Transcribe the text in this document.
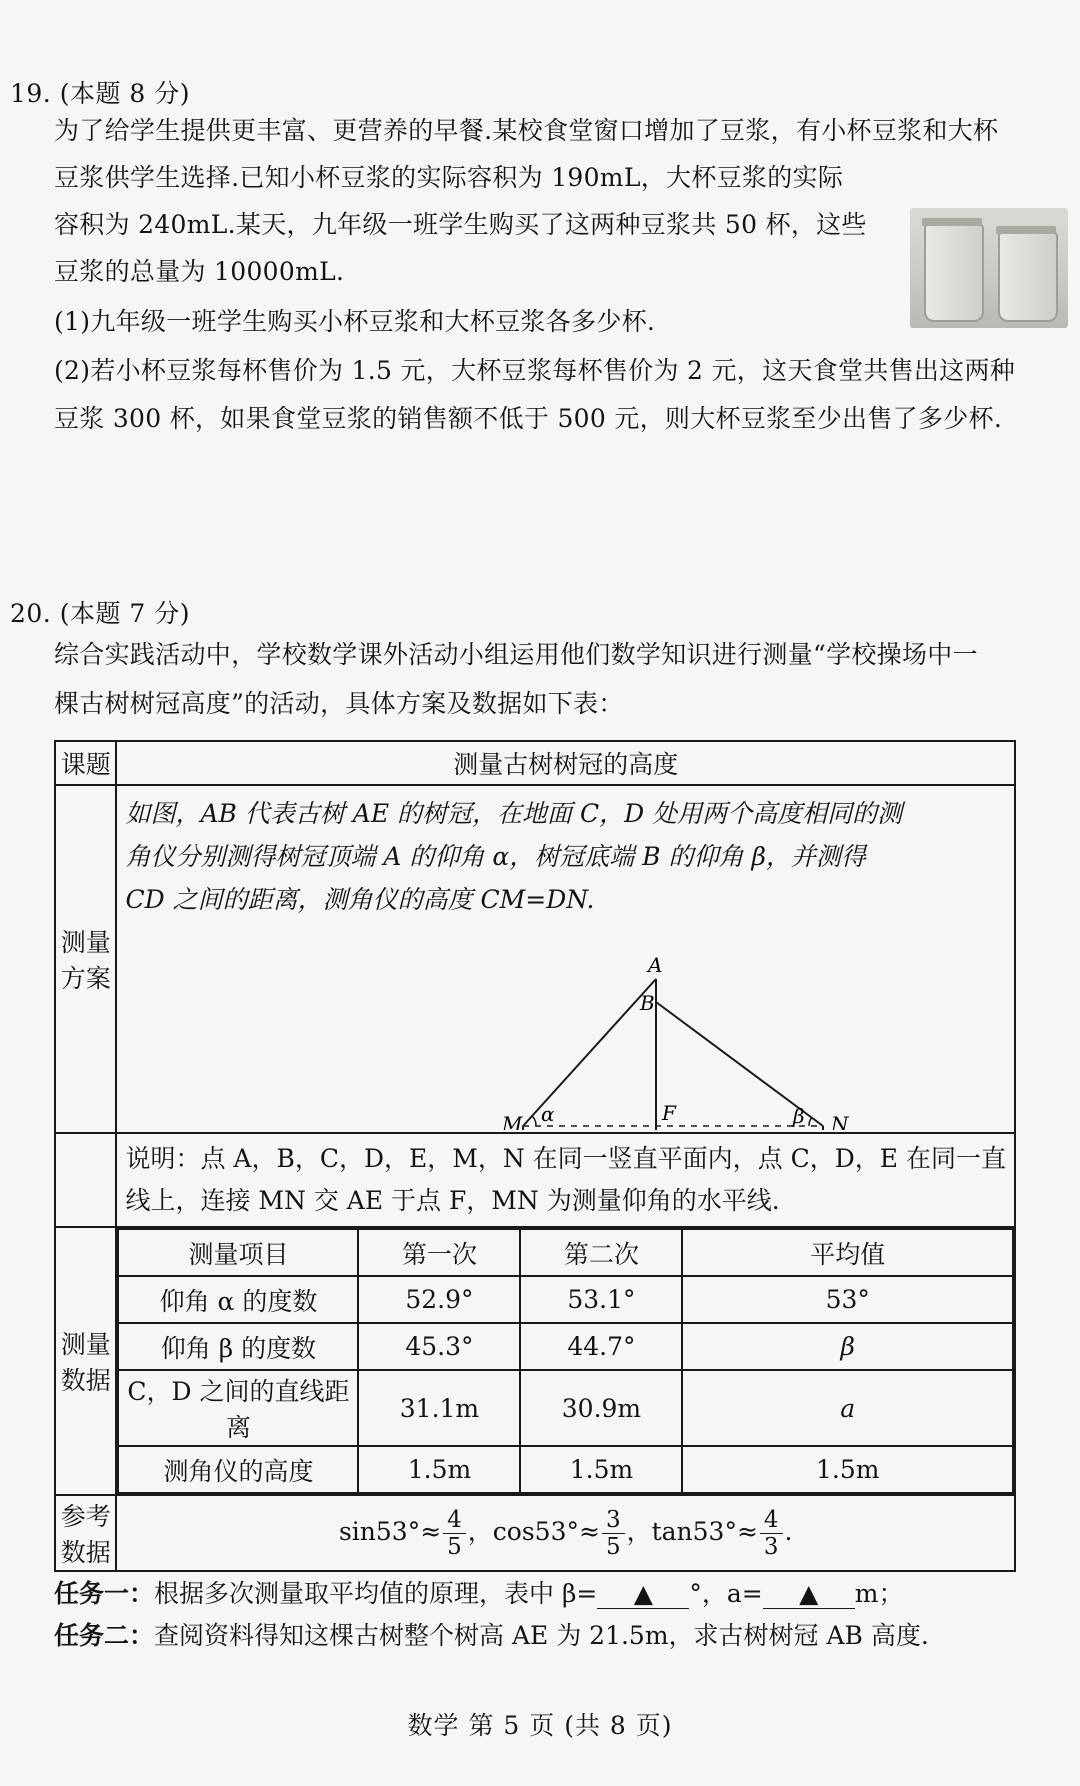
19. (本题 8 分)
为了给学生提供更丰富、更营养的早餐.某校食堂窗口增加了豆浆，有小杯豆浆和大杯
豆浆供学生选择.已知小杯豆浆的实际容积为 190mL，大杯豆浆的实际
容积为 240mL.某天，九年级一班学生购买了这两种豆浆共 50 杯，这些
豆浆的总量为 10000mL.
(1)九年级一班学生购买小杯豆浆和大杯豆浆各多少杯.
(2)若小杯豆浆每杯售价为 1.5 元，大杯豆浆每杯售价为 2 元，这天食堂共售出这两种
豆浆 300 杯，如果食堂豆浆的销售额不低于 500 元，则大杯豆浆至少出售了多少杯.
20. (本题 7 分)
综合实践活动中，学校数学课外活动小组运用他们数学知识进行测量“学校操场中一
棵古树树冠高度”的活动，具体方案及数据如下表：
课题	测量古树树冠的高度
测量方案	
如图，AB 代表古树 AE 的树冠，在地面 C，D 处用两个高度相同的测
角仪分别测得树冠顶端 A 的仰角 α，树冠底端 B 的仰角 β，并测得
CD 之间的距离，测角仪的高度 CM=DN.
A
B
M α	F	β N

说明：点 A，B，C，D，E，M，N 在同一竖直平面内，点 C，D，E 在同一直
线上，连接 MN 交 AE 于点 F，MN 为测量仰角的水平线.

测量数据	
测量项目	第一次	第二次	平均值
仰角 α 的度数	52.9°	53.1°	53°
仰角 β 的度数	45.3°	44.7°	β
C，D 之间的直线距离	31.1m	30.9m	a
测角仪的高度	1.5m	1.5m	1.5m

参考数据	$\sin 53^\circ\approx \frac{4}{5}$ ，$\cos 53^\circ\approx \frac{3}{5}$ ，$\tan 53^\circ\approx \frac{4}{3}$ .
任务一：根据多次测量取平均值的原理，表中 β= ▲ °，a= ▲ m；
任务二：查阅资料得知这棵古树整个树高 AE 为 21.5m，求古树树冠 AB 高度.
数学 第 5 页 (共 8 页)
